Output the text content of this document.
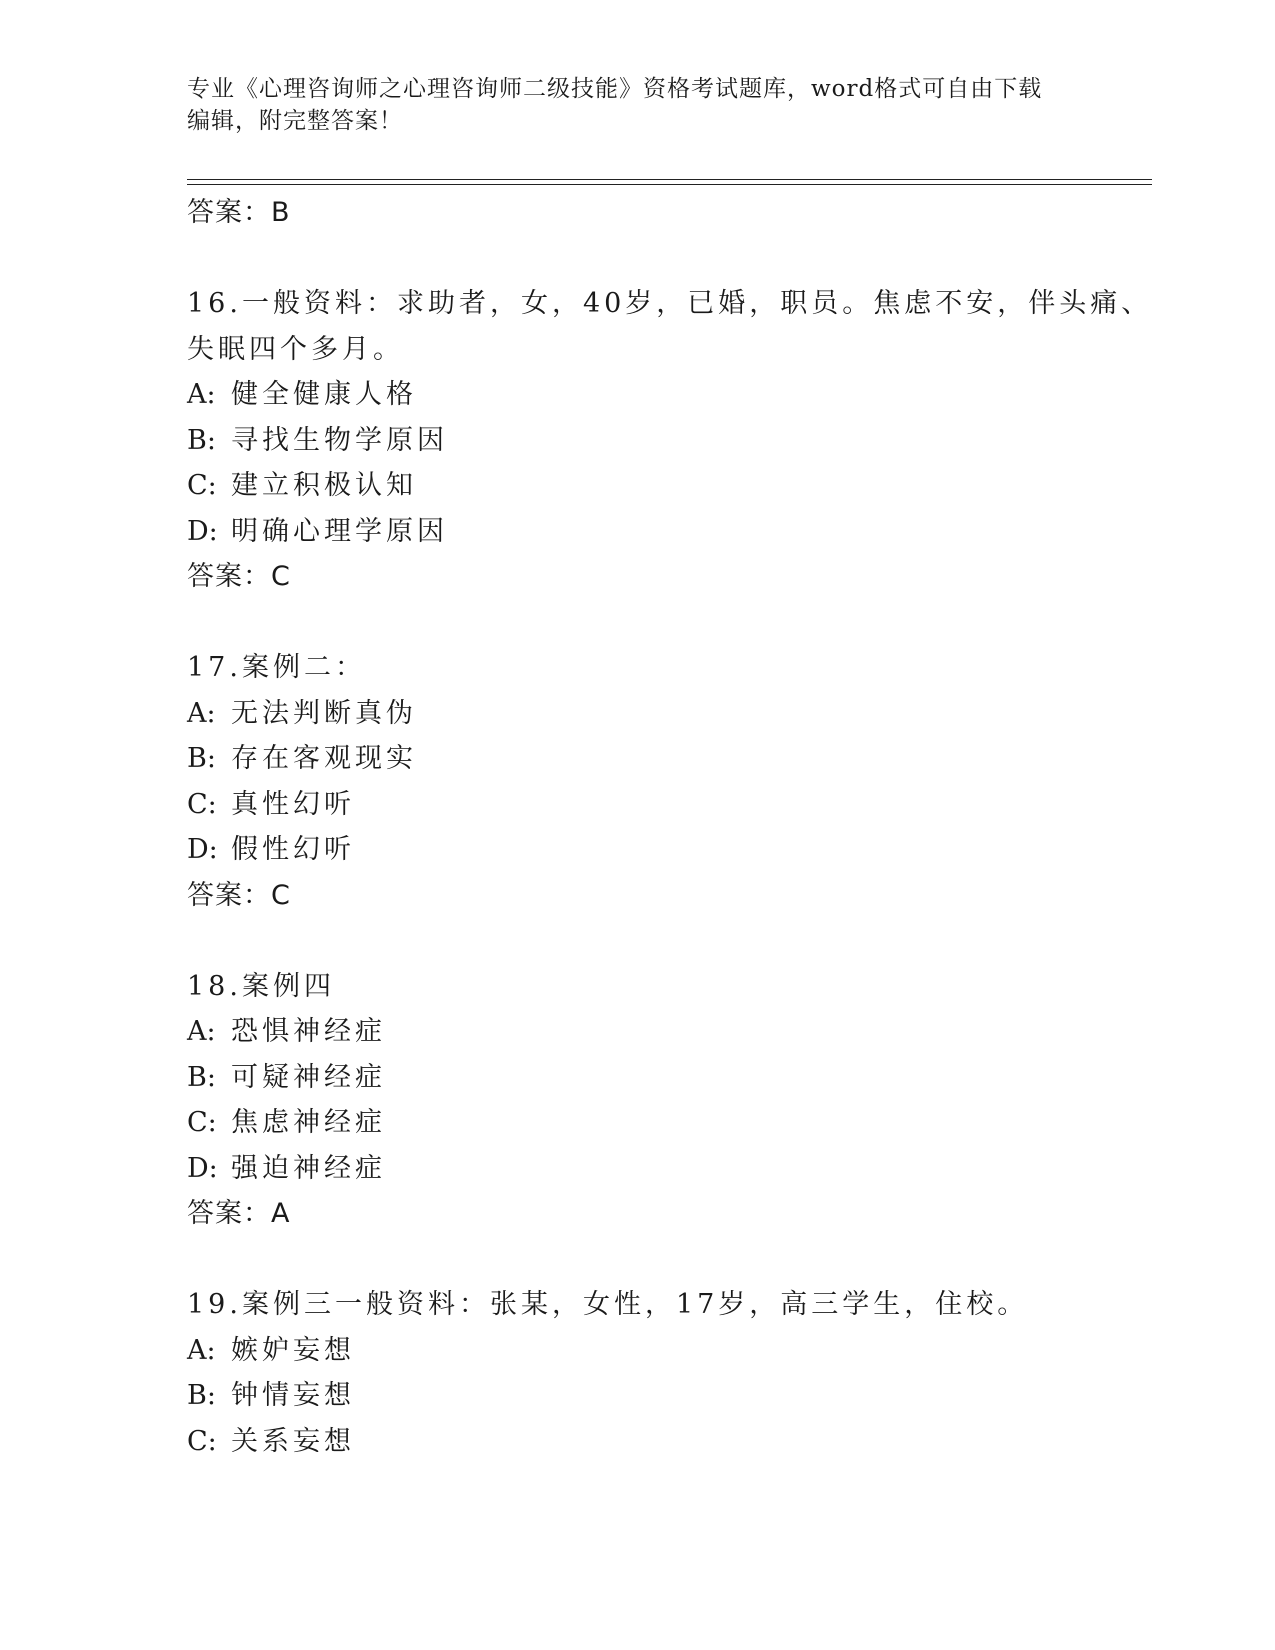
专业《心理咨询师之心理咨询师二级技能》资格考试题库，word格式可自由下载
编辑，附完整答案！
答案：B
16.一般资料：求助者，女，40岁，已婚，职员。焦虑不安，伴头痛、
失眠四个多月。
A: 健全健康人格
B: 寻找生物学原因
C: 建立积极认知
D: 明确心理学原因
答案：C
17.案例二：
A: 无法判断真伪
B: 存在客观现实
C: 真性幻听
D: 假性幻听
答案：C
18.案例四
A: 恐惧神经症
B: 可疑神经症
C: 焦虑神经症
D: 强迫神经症
答案：A
19.案例三一般资料：张某，女性，17岁，高三学生，住校。
A: 嫉妒妄想
B: 钟情妄想
C: 关系妄想
